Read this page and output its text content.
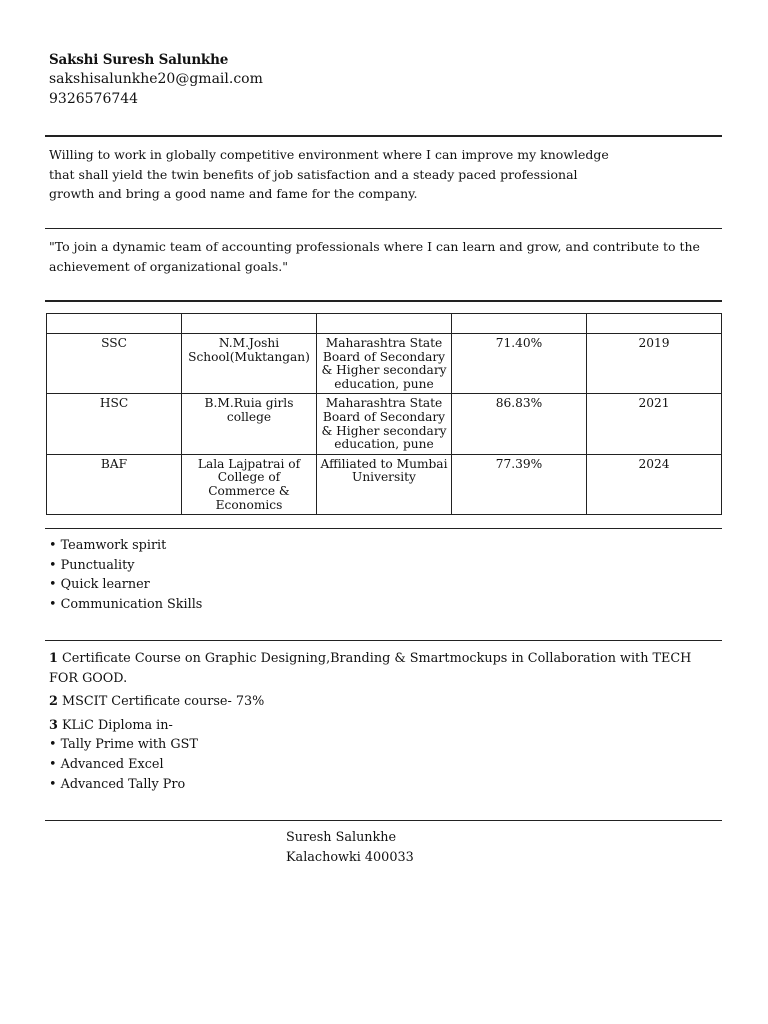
Sakshi Suresh Salunkhe
sakshisalunkhe20@gmail.com
9326576744
Willing to work in globally competitive environment where I can improve my knowledge
that shall yield the twin benefits of job satisfaction and a steady paced professional
growth and bring a good name and fame for the company.
"To join a dynamic team of accounting professionals where I can learn and grow, and contribute to the
achievement of organizational goals."

SSC	N.M.Joshi School(Muktangan)	Maharashtra State Board of Secondary & Higher secondary education, pune	71.40%	2019
HSC	B.M.Ruia girls college	Maharashtra State Board of Secondary & Higher secondary education, pune	86.83%	2021
BAF	Lala Lajpatrai of College of Commerce & Economics	Affiliated to Mumbai University	77.39%	2024
• Teamwork spirit
• Punctuality
• Quick learner
• Communication Skills
1 Certificate Course on Graphic Designing,Branding & Smartmockups in Collaboration with TECH
FOR GOOD.
2 MSCIT Certificate course- 73%
3 KLiC Diploma in-
• Tally Prime with GST
• Advanced Excel
• Advanced Tally Pro
Suresh Salunkhe
Kalachowki 400033
